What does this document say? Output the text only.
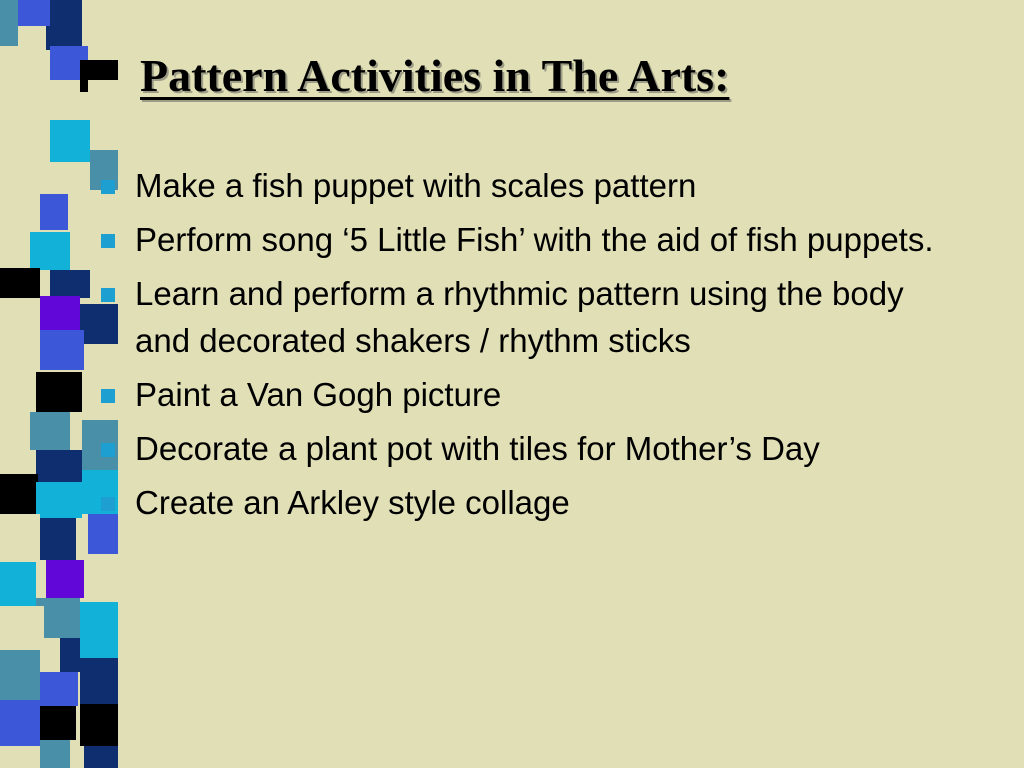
Pattern Activities in The Arts:
Make a fish puppet with scales pattern
Perform song ‘5 Little Fish’ with the aid of fish puppets.
Learn and perform a rhythmic pattern using the body and decorated shakers / rhythm sticks
Paint a Van Gogh picture
Decorate a plant pot with tiles for Mother’s Day
Create an Arkley style collage
